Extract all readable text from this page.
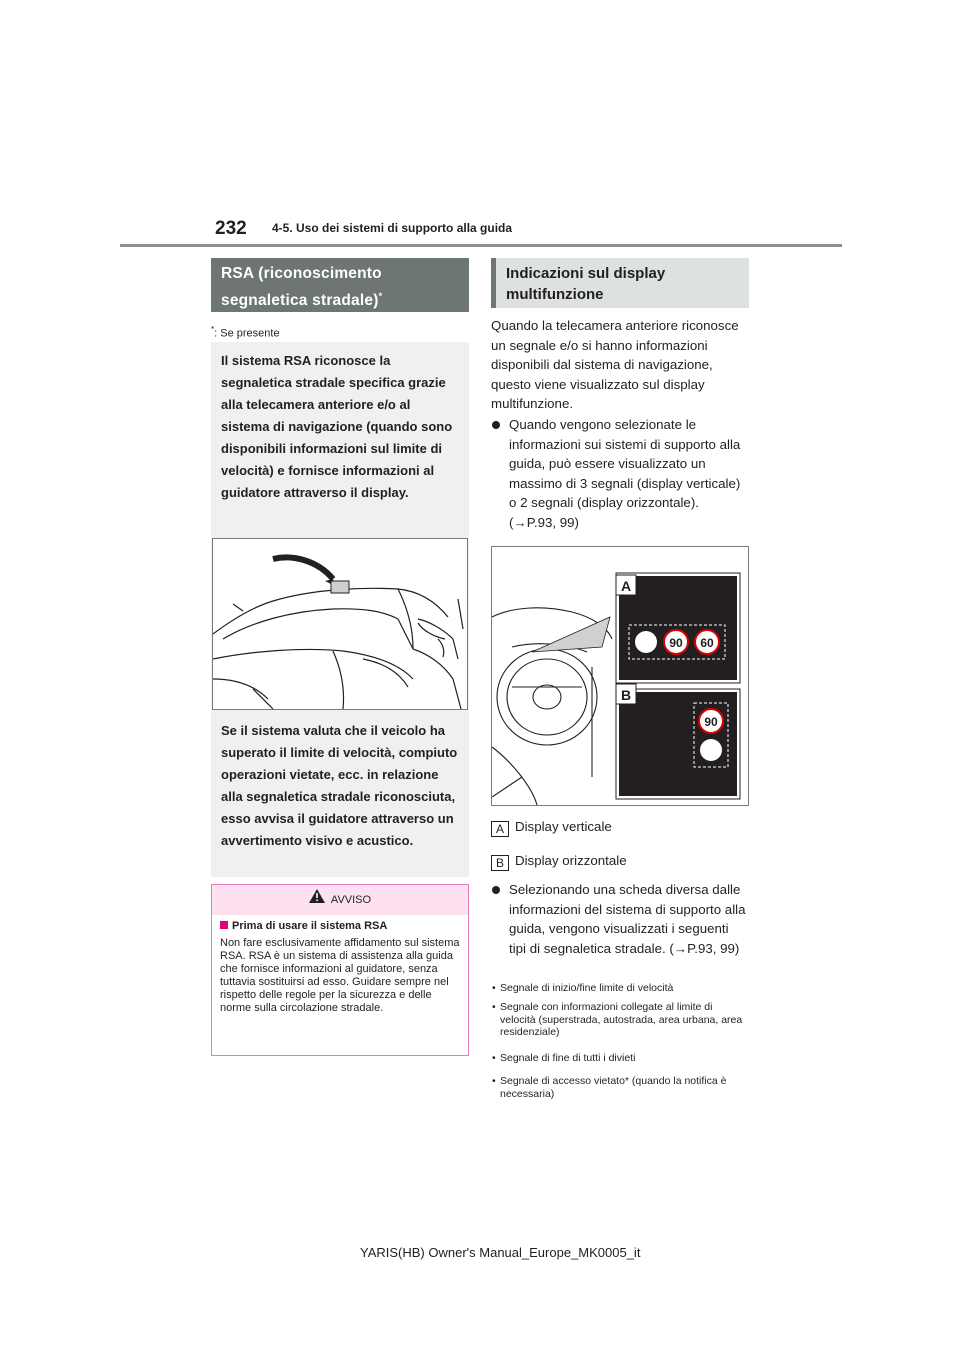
232 4-5. Uso dei sistemi di supporto alla guida
RSA (riconoscimento
segnaletica stradale)*
*: Se presente
Il sistema RSA riconosce la segnaletica stradale specifica grazie alla telecamera anteriore e/o al sistema di navigazione (quando sono disponibili informazioni sul limite di velocità) e fornisce informazioni al guidatore attraverso il display.
Se il sistema valuta che il veicolo ha superato il limite di velocità, compiuto operazioni vietate, ecc. in relazione alla segnaletica stradale riconosciuta, esso avvisa il guidatore attraverso un avvertimento visivo e acustico.
AVVISO
Prima di usare il sistema RSA
Non fare esclusivamente affidamento sul sistema RSA. RSA è un sistema di assistenza alla guida che fornisce informazioni al guidatore, senza tuttavia sostituirsi ad esso. Guidare sempre nel rispetto delle regole per la sicurezza e delle norme sulla circolazione stradale.
Indicazioni sul display multifunzione
Quando la telecamera anteriore riconosce un segnale e/o si hanno informazioni disponibili dal sistema di navigazione, questo viene visualizzato sul display multifunzione.
Quando vengono selezionate le informazioni sui sistemi di supporto alla guida, può essere visualizzato un massimo di 3 segnali (display verticale) o 2 segnali (display orizzontale). (→P.93, 99)
A
B
90 60
90
A Display verticale
B Display orizzontale
Selezionando una scheda diversa dalle informazioni del sistema di supporto alla guida, vengono visualizzati i seguenti tipi di segnaletica stradale. (→P.93, 99)
• Segnale di inizio/fine limite di velocità
• Segnale con informazioni collegate al limite di velocità (superstrada, autostrada, area urbana, area residenziale)
• Segnale di fine di tutti i divieti
• Segnale di accesso vietato* (quando la notifica è necessaria)
YARIS(HB) Owner's Manual_Europe_MK0005_it
